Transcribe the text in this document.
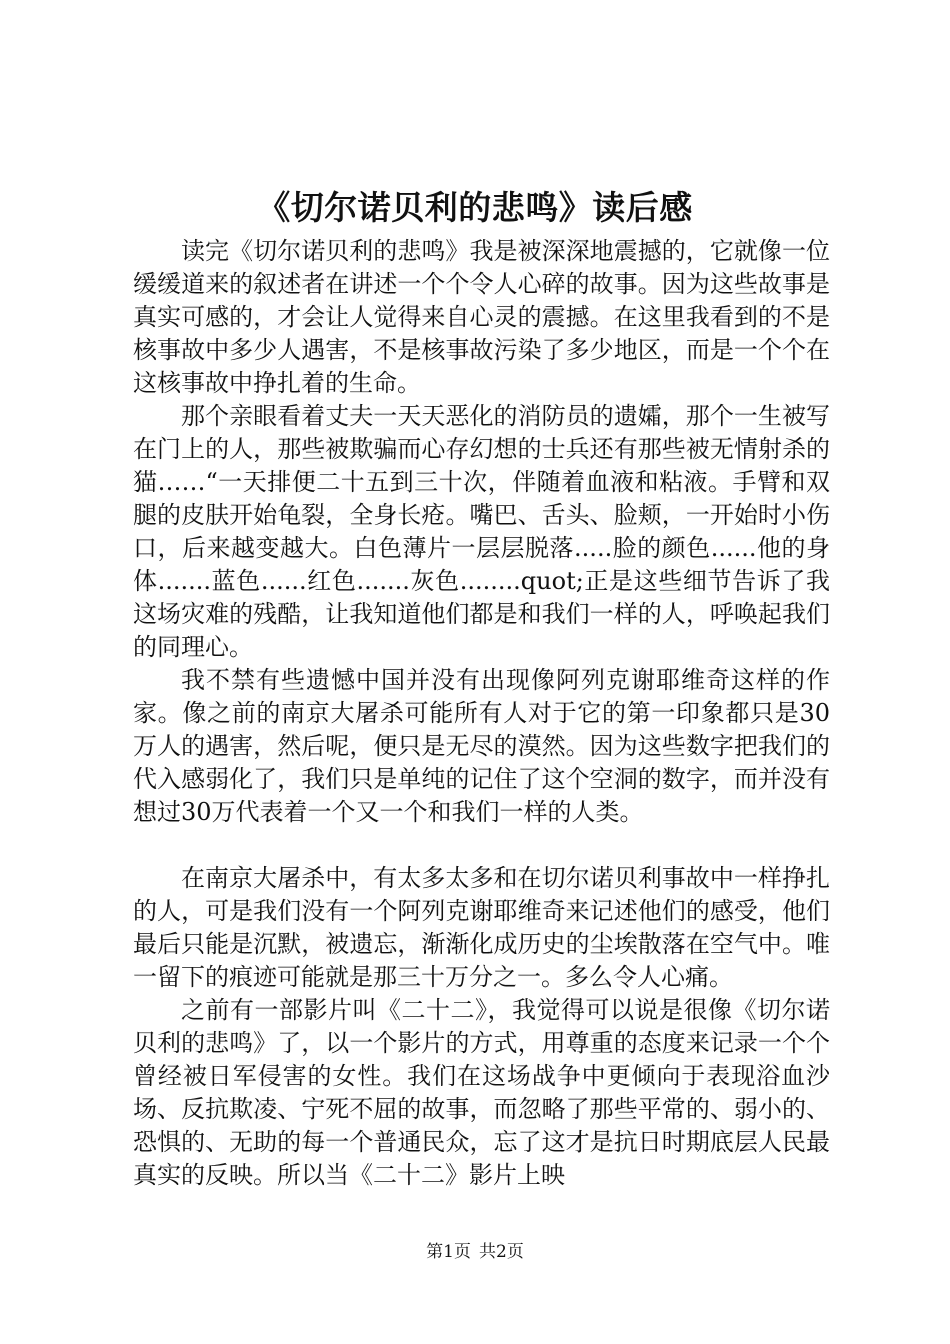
《切尔诺贝利的悲鸣》读后感

读完《切尔诺贝利的悲鸣》我是被深深地震撼的，它就像一位缓缓道来的叙述者在讲述一个个令人心碎的故事。因为这些故事是真实可感的，才会让人觉得来自心灵的震撼。在这里我看到的不是核事故中多少人遇害，不是核事故污染了多少地区，而是一个个在这核事故中挣扎着的生命。

那个亲眼看着丈夫一天天恶化的消防员的遗孀，那个一生被写在门上的人，那些被欺骗而心存幻想的士兵还有那些被无情射杀的猫……“一天排便二十五到三十次，伴随着血液和粘液。手臂和双腿的皮肤开始龟裂，全身长疮。嘴巴、舌头、脸颊，一开始时小伤口，后来越变越大。白色薄片一层层脱落.....脸的颜色......他的身体.......蓝色......红色.......灰色........quot;正是这些细节告诉了我这场灾难的残酷，让我知道他们都是和我们一样的人，呼唤起我们的同理心。

我不禁有些遗憾中国并没有出现像阿列克谢耶维奇这样的作家。像之前的南京大屠杀可能所有人对于它的第一印象都只是30万人的遇害，然后呢，便只是无尽的漠然。因为这些数字把我们的代入感弱化了，我们只是单纯的记住了这个空洞的数字，而并没有想过30万代表着一个又一个和我们一样的人类。

在南京大屠杀中，有太多太多和在切尔诺贝利事故中一样挣扎的人，可是我们没有一个阿列克谢耶维奇来记述他们的感受，他们最后只能是沉默，被遗忘，渐渐化成历史的尘埃散落在空气中。唯一留下的痕迹可能就是那三十万分之一。多么令人心痛。

之前有一部影片叫《二十二》，我觉得可以说是很像《切尔诺贝利的悲鸣》了，以一个影片的方式，用尊重的态度来记录一个个曾经被日军侵害的女性。我们在这场战争中更倾向于表现浴血沙场、反抗欺凌、宁死不屈的故事，而忽略了那些平常的、弱小的、恐惧的、无助的每一个普通民众，忘了这才是抗日时期底层人民最真实的反映。所以当《二十二》影片上映

第1页 共2页
